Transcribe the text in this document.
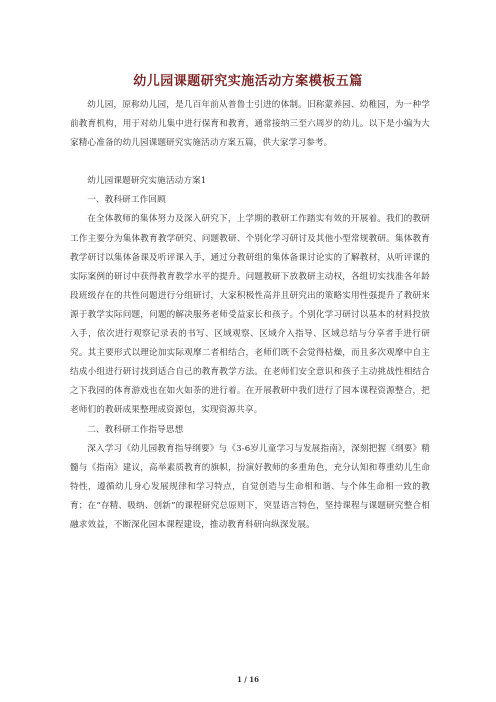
幼儿园课题研究实施活动方案模板五篇

幼儿园，原称幼儿园，是几百年前从普鲁士引进的体制。旧称蒙养园、幼稚园，为一种学前教育机构，用于对幼儿集中进行保育和教育，通常接纳三至六周岁的幼儿。以下是小编为大家精心准备的幼儿园课题研究实施活动方案五篇，供大家学习参考。

幼儿园课题研究实施活动方案1

一、教科研工作回顾

在全体教师的集体努力及深入研究下，上学期的教研工作踏实有效的开展着。我们的教研工作主要分为集体教育教学研究、问题教研、个别化学习研讨及其他小型常规教研。集体教育教学研讨以集体备课及听评课入手，通过分教研组的集体备课讨论实的了解教材，从听评课的实际案例的研讨中获得教育教学水平的提升。问题教研下放教研主动权，各组切实找准各年龄段班级存在的共性问题进行分组研讨，大家积极性高并且研究出的策略实用性强提升了教研来源于教学实际问题，问题的解决服务老师受益家长和孩子。个别化学习研讨以基本的材料投放入手，依次进行观察记录表的书写、区域观察、区域介入指导、区域总结与分享者手进行研究。其主要形式以理论加实际观摩二者相结合，老师们既不会觉得枯燥，而且多次观摩中自主结成小组进行研讨找到适合自己的教育教学方法。在老师们安全意识和孩子主动挑战性相结合之下我园的体育游戏也在如火如荼的进行着。在开展教研中我们进行了园本课程资源整合，把老师们的教研成果整理成资源包，实现资源共享。

二、教科研工作指导思想

深入学习《幼儿园教育指导纲要》与《3-6岁儿童学习与发展指南》，深刻把握《纲要》精髓与《指南》建议，高举素质教育的旗帜，扮演好教师的多重角色，充分认知和尊重幼儿生命特性，遵循幼儿身心发展规律和学习特点，自觉创造与生命相和谐、与个体生命相一致的教育；在“存精、吸纳、创新”的课程研究总原则下，突显语言特色，坚持课程与课题研究整合相融求效益，不断深化园本课程建设，推动教育科研向纵深发展。

1 / 16
